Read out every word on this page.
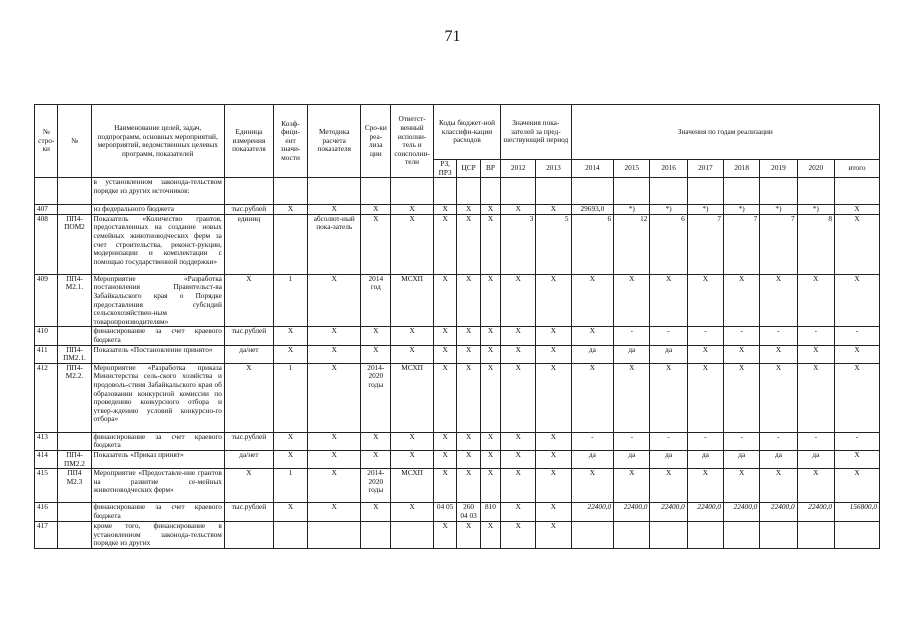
71
№ стро-ки	№	Наименование целей, задач, подпрограмм, основных мероприятий, мероприятий, ведомственных целевых программ, показателей	Единица измерения показателя	Коэф-фици-ент значи-мости	Методика расчета показателя	Сро-ки реа-лиза ции	Ответст-венный исполни-тель и соисполни-тели	Коды бюджет-ной классифи-кации расходов			Значения пока-зателей за пред-шествующий период		Значения по годам реализации							
								РЗ, ПРЗ	ЦСР	ВР	2012	2013	2014	2015	2016	2017	2018	2019	2020	итого
		в установленном законода-тельством порядке из других источников:																		
407		из федерального бюджета	тыс.рублей	X	X	X	X	X	X	X	X	X	29693,0	*)	*)	*)	*)	*)	*)	X
408	ПП4-ПОМ2	Показатель «Количество грантов, предоставленных на создание новых семейных животноводческих ферм за счет строительства, реконст-рукции, модернизации и комплектации с помощью государственной поддержки»	единиц		абсолют-ный пока-затель	X	X	X	X	X	3	5	6	12	6	7	7	7	8	X
409	ПП4-М2.1.	Мероприятие «Разработка постановления Правительст-ва Забайкальского края о Порядке предоставления субсидий сельскохозяйствен-ным товаропроизводителям»	X	1	X	2014 год	МСХП	X	X	X	X	X	X	X	X	X	X	X	X	X
410		финансирование за счет краевого бюджета	тыс.рублей	X	X	X	X	X	X	X	X	X	X	-	-	-	-	-	-	-
411	ПП4-ПМ2.1.	Показатель «Постановление принято»	да/нет	X	X	X	X	X	X	X	X	X	да	да	да	X	X	X	X	X
412	ПП4-М2.2.	Мероприятие «Разработка приказа Министерства сель-ского хозяйства и продоволь-ствия Забайкальского края об образовании конкурсной комиссии по проведению конкурсного отбора и утвер-ждению условий конкурсно-го отбора»	X	1	X	2014-2020 годы	МСХП	X	X	X	X	X	X	X	X	X	X	X	X	X
413		финансирование за счет краевого бюджета	тыс.рублей	X	X	X	X	X	X	X	X	X	-	-	-	-	-	-	-	-
414	ПП4-ПМ2.2	Показатель «Приказ принят»	да/нет	X	X	X	X	X	X	X	X	X	да	да	да	да	да	да	да	X
415	ПП4 М2.3	Мероприятие «Предоставле-ние грантов на развитие се-мейных животноводческих ферм»	X	1	X	2014-2020 годы	МСХП	X	X	X	X	X	X	X	X	X	X	X	X	X
416		финансирование за счет краевого бюджета	тыс.рублей	X	X	X	X	04 05	260 04 03	810	X	X	22400,0	22400,0	22400,0	22400,0	22400,0	22400,0	22400,0	156800,0
417		кроме того, финансирование в установленном законода-тельством порядке из других						X	X	X	X	X								
